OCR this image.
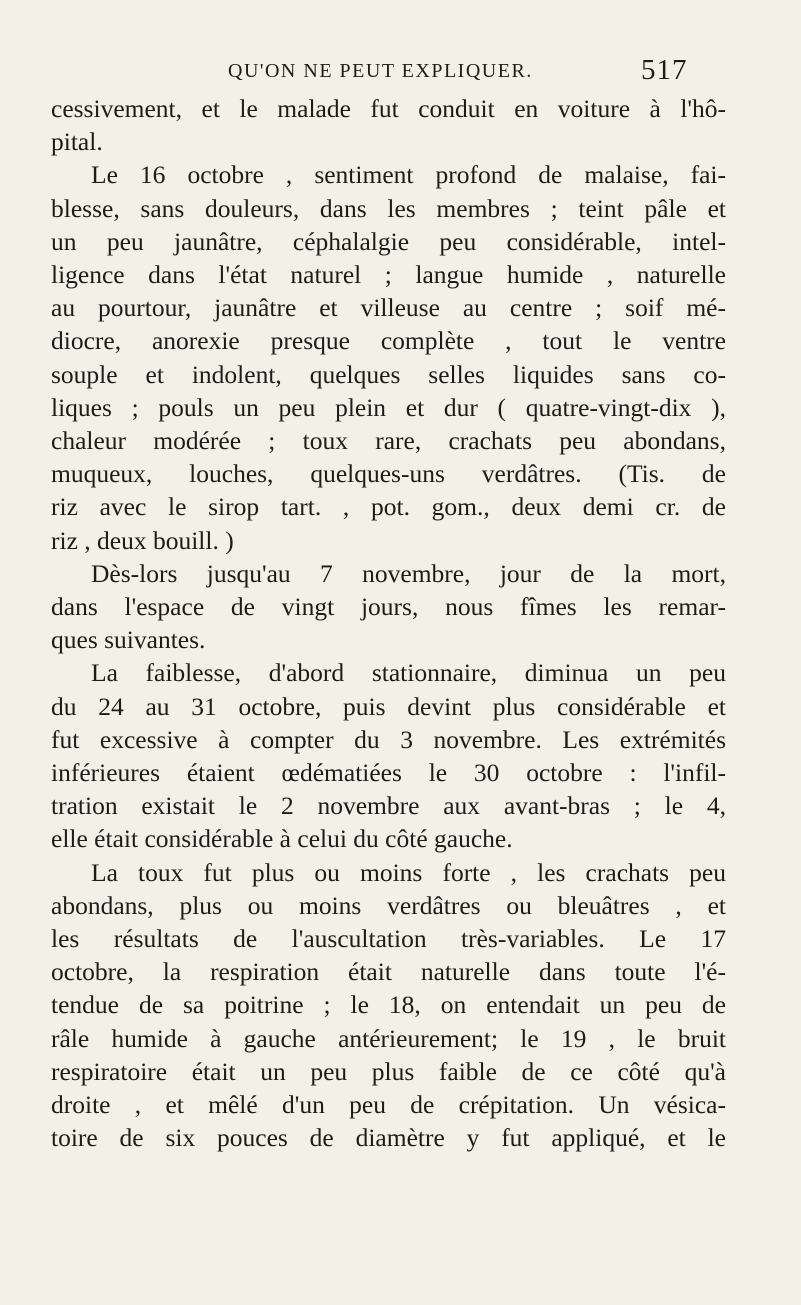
QU'ON NE PEUT EXPLIQUER.	517
cessivement, et le malade fut conduit en voiture à l'hô-
pital.
Le 16 octobre , sentiment profond de malaise, fai-
blesse, sans douleurs, dans les membres ; teint pâle et
un peu jaunâtre, céphalalgie peu considérable, intel-
ligence dans l'état naturel ; langue humide , naturelle
au pourtour, jaunâtre et villeuse au centre ; soif mé-
diocre, anorexie presque complète , tout le ventre
souple et indolent, quelques selles liquides sans co-
liques ; pouls un peu plein et dur ( quatre-vingt-dix ),
chaleur modérée ; toux rare, crachats peu abondans,
muqueux, louches, quelques-uns verdâtres. (Tis. de
riz avec le sirop tart. , pot. gom., deux demi cr. de
riz , deux bouill. )
Dès-lors jusqu'au 7 novembre, jour de la mort,
dans l'espace de vingt jours, nous fîmes les remar-
ques suivantes.
La faiblesse, d'abord stationnaire, diminua un peu
du 24 au 31 octobre, puis devint plus considérable et
fut excessive à compter du 3 novembre. Les extrémités
inférieures étaient œdématiées le 30 octobre : l'infil-
tration existait le 2 novembre aux avant-bras ; le 4,
elle était considérable à celui du côté gauche.
La toux fut plus ou moins forte , les crachats peu
abondans, plus ou moins verdâtres ou bleuâtres , et
les résultats de l'auscultation très-variables. Le 17
octobre, la respiration était naturelle dans toute l'é-
tendue de sa poitrine ; le 18, on entendait un peu de
râle humide à gauche antérieurement; le 19 , le bruit
respiratoire était un peu plus faible de ce côté qu'à
droite , et mêlé d'un peu de crépitation. Un vésica-
toire de six pouces de diamètre y fut appliqué, et le
